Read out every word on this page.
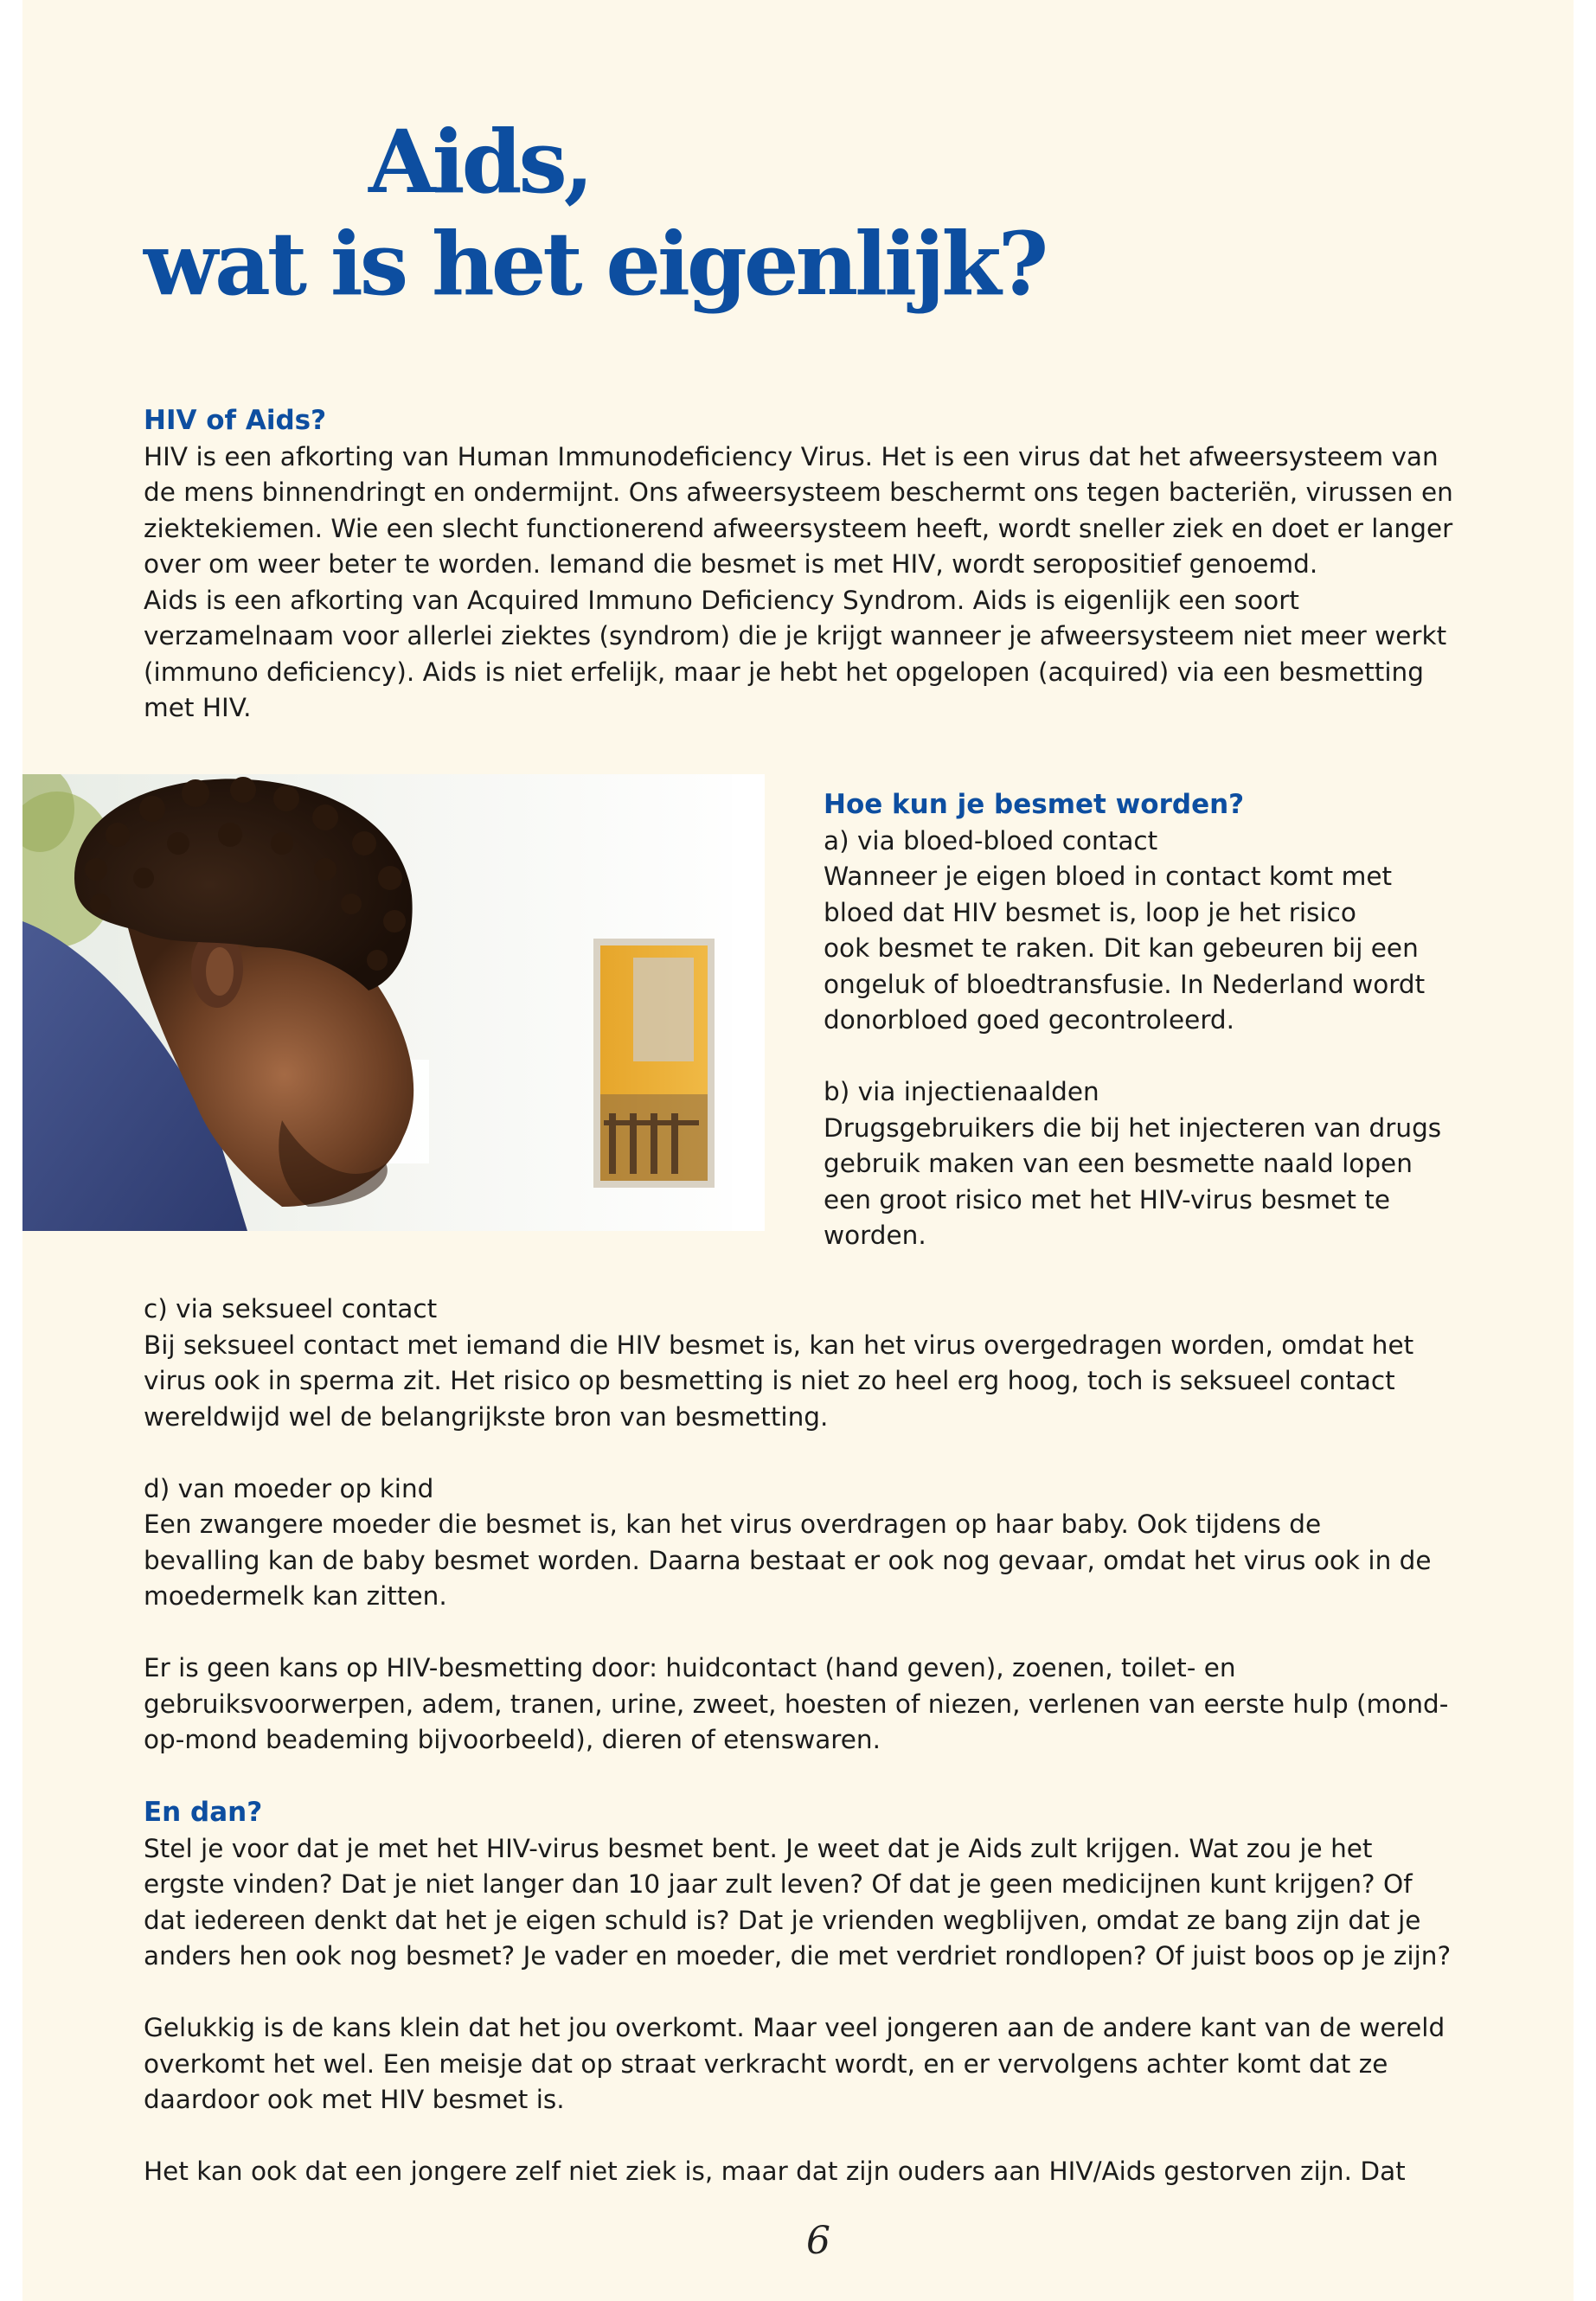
Aids,
wat is het eigenlijk?

HIV of Aids?

HIV is een afkorting van Human Immunodeficiency Virus. Het is een virus dat het afweersysteem van

de mens binnendringt en ondermijnt. Ons afweersysteem beschermt ons tegen bacteriën, virussen en

ziektekiemen. Wie een slecht functionerend afweersysteem heeft, wordt sneller ziek en doet er langer

over om weer beter te worden. Iemand die besmet is met HIV, wordt seropositief genoemd.

Aids is een afkorting van Acquired Immuno Deficiency Syndrom. Aids is eigenlijk een soort

verzamelnaam voor allerlei ziektes (syndrom) die je krijgt wanneer je afweersysteem niet meer werkt

(immuno deficiency). Aids is niet erfelijk, maar je hebt het opgelopen (acquired) via een besmetting

met HIV.

Hoe kun je besmet worden?

a) via bloed-bloed contact

Wanneer je eigen bloed in contact komt met

bloed dat HIV besmet is, loop je het risico

ook besmet te raken. Dit kan gebeuren bij een

ongeluk of bloedtransfusie. In Nederland wordt

donorbloed goed gecontroleerd.

b) via injectienaalden

Drugsgebruikers die bij het injecteren van drugs

gebruik maken van een besmette naald lopen

een groot risico met het HIV-virus besmet te

worden.

c) via seksueel contact

Bij seksueel contact met iemand die HIV besmet is, kan het virus overgedragen worden, omdat het

virus ook in sperma zit. Het risico op besmetting is niet zo heel erg hoog, toch is seksueel contact

wereldwijd wel de belangrijkste bron van besmetting.

d) van moeder op kind

Een zwangere moeder die besmet is, kan het virus overdragen op haar baby. Ook tijdens de

bevalling kan de baby besmet worden. Daarna bestaat er ook nog gevaar, omdat het virus ook in de

moedermelk kan zitten.

Er is geen kans op HIV-besmetting door: huidcontact (hand geven), zoenen, toilet- en

gebruiksvoorwerpen, adem, tranen, urine, zweet, hoesten of niezen, verlenen van eerste hulp (mond-

op-mond beademing bijvoorbeeld), dieren of etenswaren.

En dan?

Stel je voor dat je met het HIV-virus besmet bent. Je weet dat je Aids zult krijgen. Wat zou je het

ergste vinden? Dat je niet langer dan 10 jaar zult leven? Of dat je geen medicijnen kunt krijgen? Of

dat iedereen denkt dat het je eigen schuld is? Dat je vrienden wegblijven, omdat ze bang zijn dat je

anders hen ook nog besmet? Je vader en moeder, die met verdriet rondlopen? Of juist boos op je zijn?

Gelukkig is de kans klein dat het jou overkomt. Maar veel jongeren aan de andere kant van de wereld

overkomt het wel. Een meisje dat op straat verkracht wordt, en er vervolgens achter komt dat ze

daardoor ook met HIV besmet is.

Het kan ook dat een jongere zelf niet ziek is, maar dat zijn ouders aan HIV/Aids gestorven zijn. Dat

6
